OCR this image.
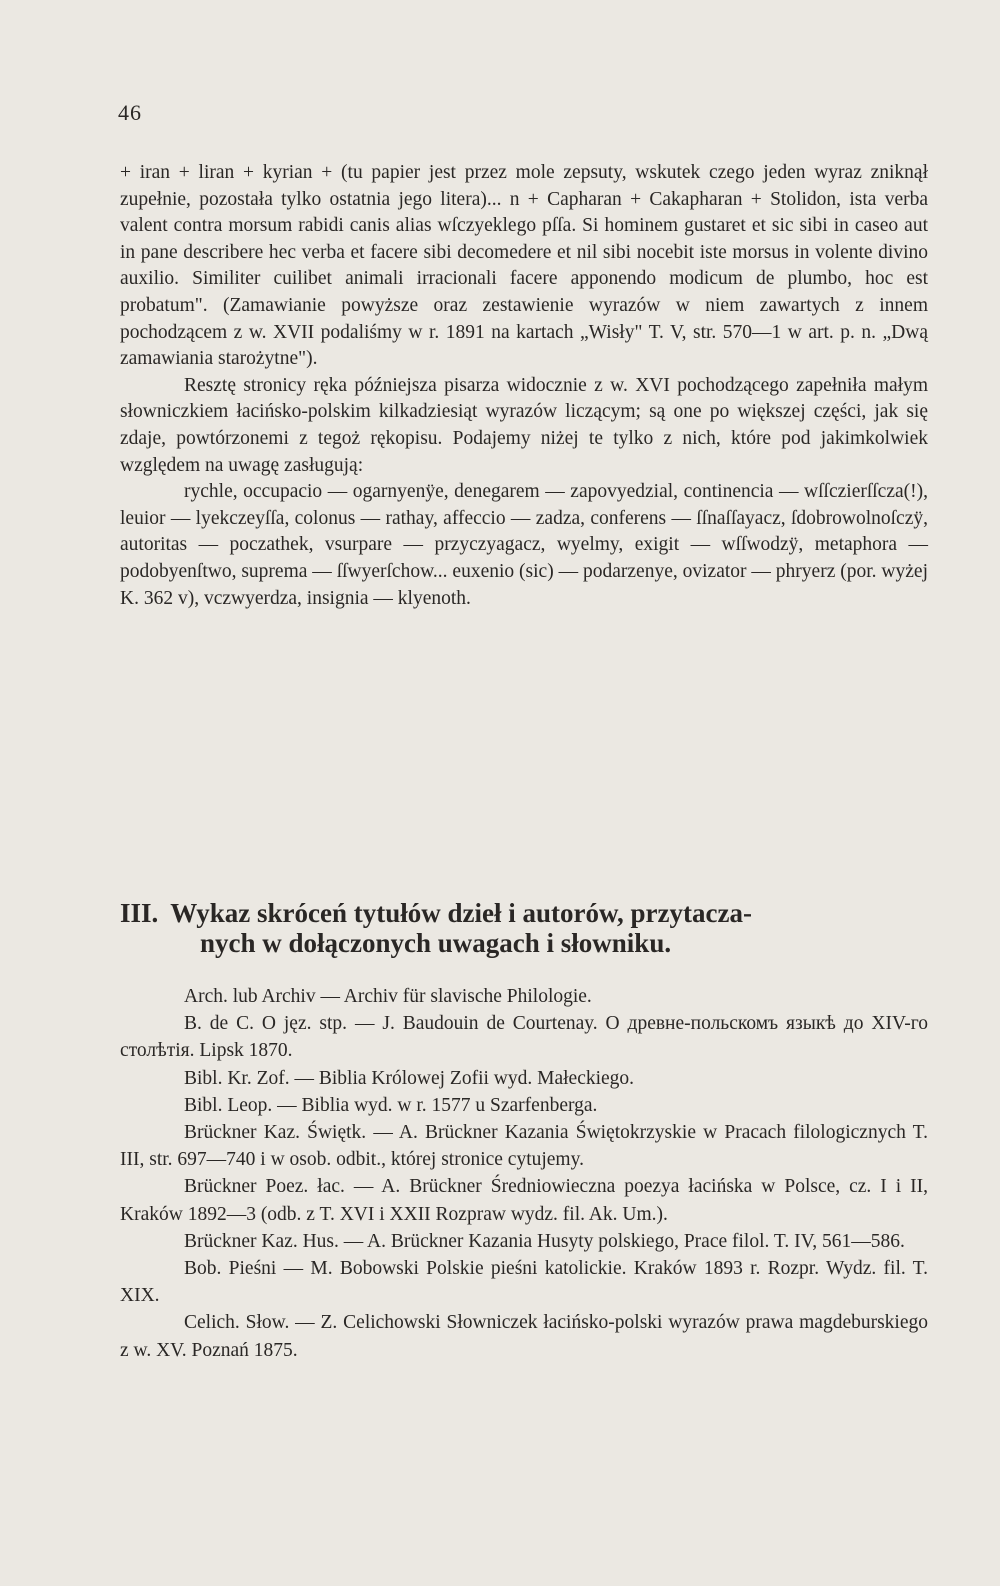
46

+ iran + liran + kyrian + (tu papier jest przez mole zepsuty, wskutek czego jeden wyraz zniknął zupełnie, pozostała tylko ostatnia jego litera)... n + Capharan + Cakapharan + Stolidon, ista verba valent contra morsum rabidi canis alias wſczyeklego pſſa. Si hominem gustaret et sic sibi in caseo aut in pane describere hec verba et facere sibi decomedere et nil sibi nocebit iste morsus in volente divino auxilio. Similiter cuilibet animali irracionali facere apponendo modicum de plumbo, hoc est probatum". (Zamawianie powyższe oraz zestawienie wyrazów w niem zawartych z innem pochodzącem z w. XVII podaliśmy w r. 1891 na kartach „Wisły" T. V, str. 570—1 w art. p. n. „Dwą zamawiania starożytne").

Resztę stronicy ręka późniejsza pisarza widocznie z w. XVI pochodzącego zapełniła małym słowniczkiem łacińsko-polskim kilkadziesiąt wyrazów liczącym; są one po większej części, jak się zdaje, powtórzonemi z tegoż rękopisu. Podajemy niżej te tylko z nich, które pod jakimkolwiek względem na uwagę zasługują:

rychle, occupacio — ogarnyenÿe, denegarem — zapovyedzial, continencia — wſſczierſſcza(!), leuior — lyekczeyſſa, colonus — rathay, affeccio — zadza, conferens — ſſnaſſayacz, ſdobrowolnoſczÿ, autoritas — poczathek, vsurpare — przyczyagacz, wyelmy, exigit — wſſwodzÿ, metaphora — podobyenſtwo, suprema — ſſwyerſchow... euxenio (sic) — podarzenye, ovizator — phryerz (por. wyżej K. 362 v), vczwyerdza, insignia — klyenoth.

III. Wykaz skróceń tytułów dzieł i autorów, przytacza-
nych w dołączonych uwagach i słowniku.

Arch. lub Archiv — Archiv für slavische Philologie.

B. de C. O jęz. stp. — J. Baudouin de Courtenay. О древне-польскомъ языкѣ до XIV-го столѣтія. Lipsk 1870.

Bibl. Kr. Zof. — Biblia Królowej Zofii wyd. Małeckiego.

Bibl. Leop. — Biblia wyd. w r. 1577 u Szarfenberga.

Brückner Kaz. Świętk. — A. Brückner Kazania Świętokrzyskie w Pracach filologicznych T. III, str. 697—740 i w osob. odbit., której stronice cytujemy.

Brückner Poez. łac. — A. Brückner Średniowieczna poezya łacińska w Polsce, cz. I i II, Kraków 1892—3 (odb. z T. XVI i XXII Rozpraw wydz. fil. Ak. Um.).

Brückner Kaz. Hus. — A. Brückner Kazania Husyty polskiego, Prace filol. T. IV, 561—586.

Bob. Pieśni — M. Bobowski Polskie pieśni katolickie. Kraków 1893 r. Rozpr. Wydz. fil. T. XIX.

Celich. Słow. — Z. Celichowski Słowniczek łacińsko-polski wyrazów prawa magdeburskiego z w. XV. Poznań 1875.
